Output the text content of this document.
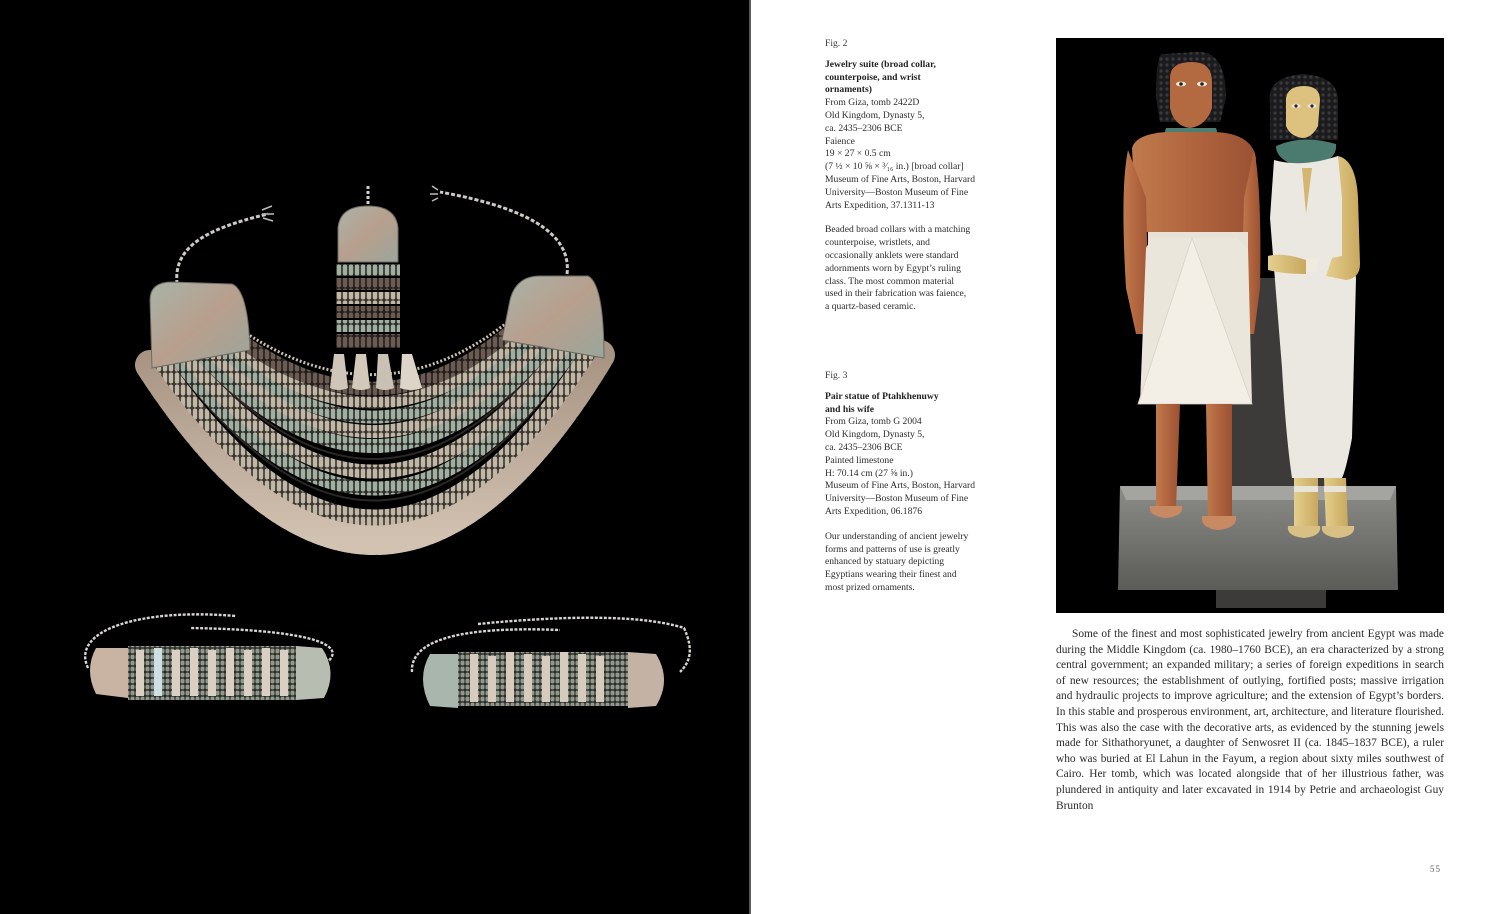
Fig. 2
Jewelry suite (broad collar,
counterpoise, and wrist
ornaments)
From Giza, tomb 2422D
Old Kingdom, Dynasty 5,
ca. 2435–2306 BCE
Faience
19 × 27 × 0.5 cm
(7 ½ × 10 ⅝ × ³⁄₁₆ in.) [broad collar]
Museum of Fine Arts, Boston, Harvard
University—Boston Museum of Fine
Arts Expedition, 37.1311-13
Beaded broad collars with a matching
counterpoise, wristlets, and
occasionally anklets were standard
adornments worn by Egypt’s ruling
class. The most common material
used in their fabrication was faience,
a quartz-based ceramic.
Fig. 3
Pair statue of Ptahkhenuwy
and his wife
From Giza, tomb G 2004
Old Kingdom, Dynasty 5,
ca. 2435–2306 BCE
Painted limestone
H: 70.14 cm (27 ⅝ in.)
Museum of Fine Arts, Boston, Harvard
University—Boston Museum of Fine
Arts Expedition, 06.1876
Our understanding of ancient jewelry
forms and patterns of use is greatly
enhanced by statuary depicting
Egyptians wearing their finest and
most prized ornaments.

Some of the finest and most sophisticated jewelry from ancient Egypt was made during the Middle Kingdom (ca. 1980–1760 BCE), an era characterized by a strong central government; an expanded military; a series of foreign expeditions in search of new resources; the establishment of outlying, fortified posts; massive irrigation and hydraulic projects to improve agriculture; and the extension of Egypt’s borders. In this stable and prosperous environment, art, architecture, and literature flourished. This was also the case with the decorative arts, as evidenced by the stunning jewels made for Sithathoryunet, a daughter of Senwosret II (ca. 1845–1837 BCE), a ruler who was buried at El Lahun in the Fayum, a region about sixty miles southwest of Cairo. Her tomb, which was located alongside that of her illustrious father, was plundered in antiquity and later excavated in 1914 by Petrie and archaeologist Guy Brunton

55
